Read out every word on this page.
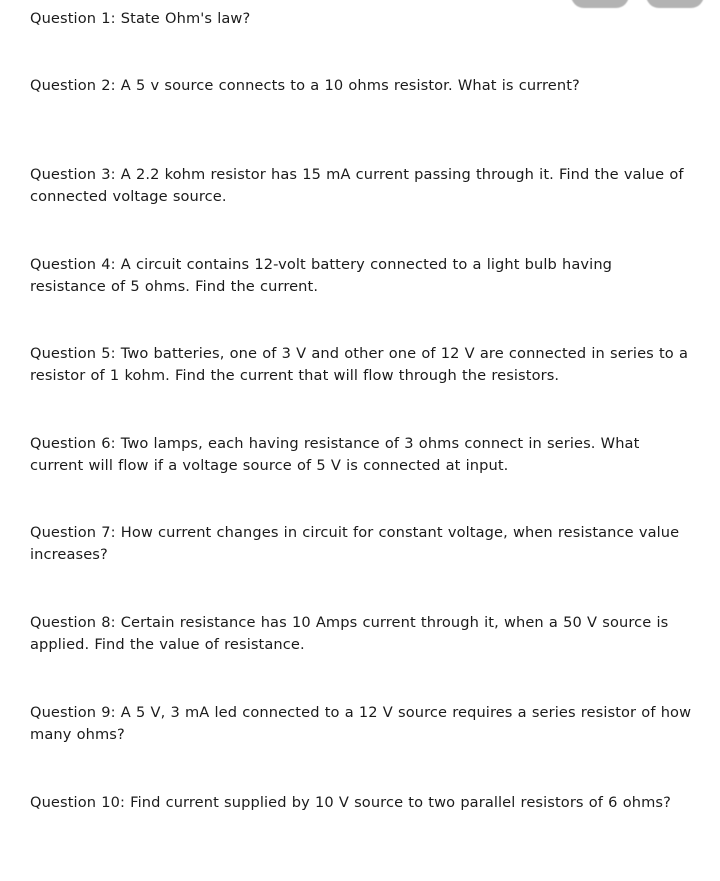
Question 1: State Ohm's law?
Question 2: A 5 v source connects to a 10 ohms resistor. What is current?
Question 3: A 2.2 kohm resistor has 15 mA current passing through it. Find the value of connected voltage source.
Question 4: A circuit contains 12-volt battery connected to a light bulb having resistance of 5 ohms. Find the current.
Question 5: Two batteries, one of 3 V and other one of 12 V are connected in series to a resistor of 1 kohm. Find the current that will flow through the resistors.
Question 6: Two lamps, each having resistance of 3 ohms connect in series. What current will flow if a voltage source of 5 V is connected at input.
Question 7: How current changes in circuit for constant voltage, when resistance value increases?
Question 8: Certain resistance has 10 Amps current through it, when a 50 V source is applied. Find the value of resistance.
Question 9: A 5 V, 3 mA led connected to a 12 V source requires a series resistor of how many ohms?
Question 10: Find current supplied by 10 V source to two parallel resistors of 6 ohms?
